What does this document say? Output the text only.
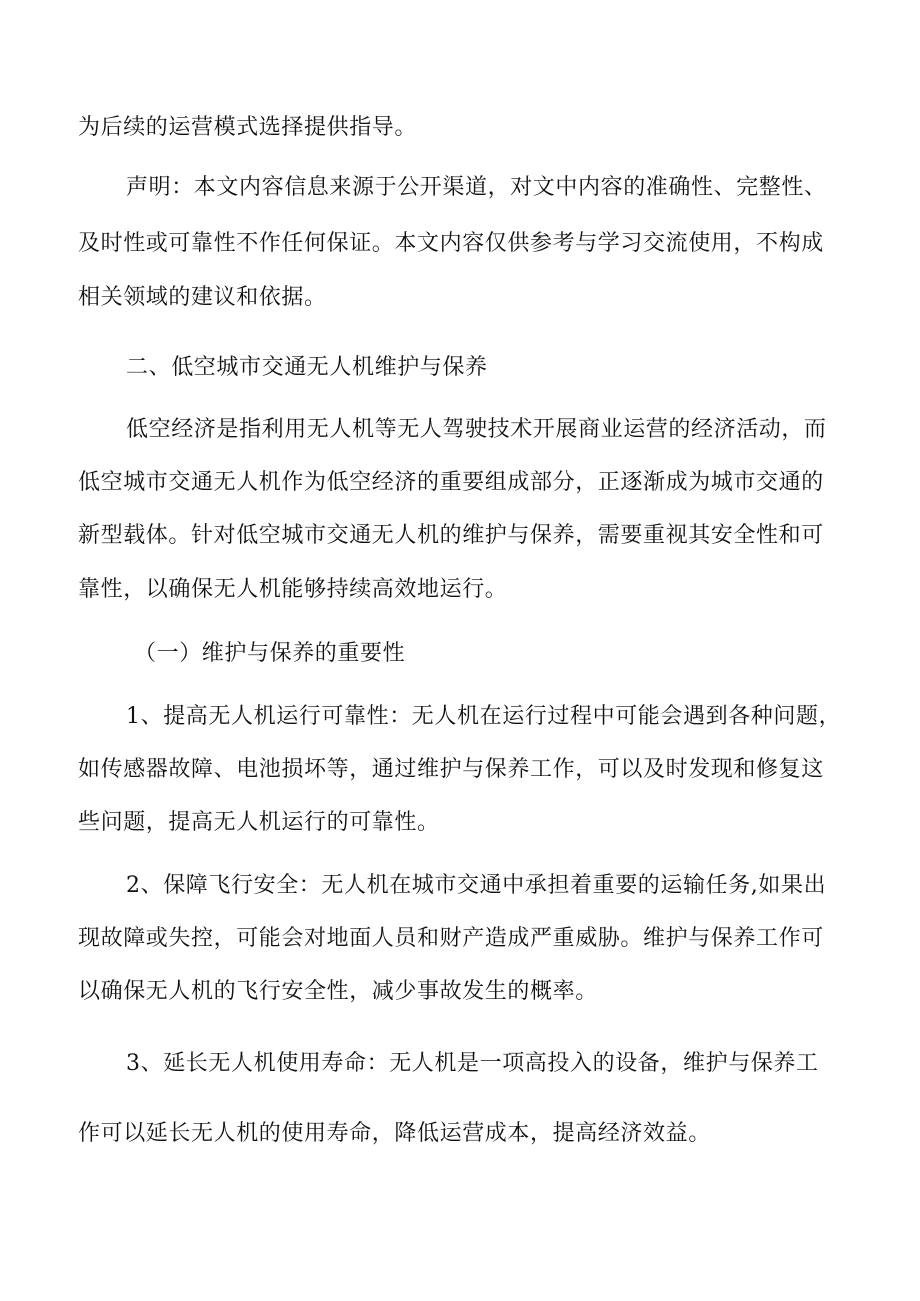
为后续的运营模式选择提供指导。
声明：本文内容信息来源于公开渠道，对文中内容的准确性、完整性、
及时性或可靠性不作任何保证。本文内容仅供参考与学习交流使用，不构成
相关领域的建议和依据。
二、低空城市交通无人机维护与保养
低空经济是指利用无人机等无人驾驶技术开展商业运营的经济活动，而
低空城市交通无人机作为低空经济的重要组成部分，正逐渐成为城市交通的
新型载体。针对低空城市交通无人机的维护与保养，需要重视其安全性和可
靠性，以确保无人机能够持续高效地运行。
（一）维护与保养的重要性
1、提高无人机运行可靠性：无人机在运行过程中可能会遇到各种问题，
如传感器故障、电池损坏等，通过维护与保养工作，可以及时发现和修复这
些问题，提高无人机运行的可靠性。
2、保障飞行安全：无人机在城市交通中承担着重要的运输任务,如果出
现故障或失控，可能会对地面人员和财产造成严重威胁。维护与保养工作可
以确保无人机的飞行安全性，减少事故发生的概率。
3、延长无人机使用寿命：无人机是一项高投入的设备，维护与保养工
作可以延长无人机的使用寿命，降低运营成本，提高经济效益。
